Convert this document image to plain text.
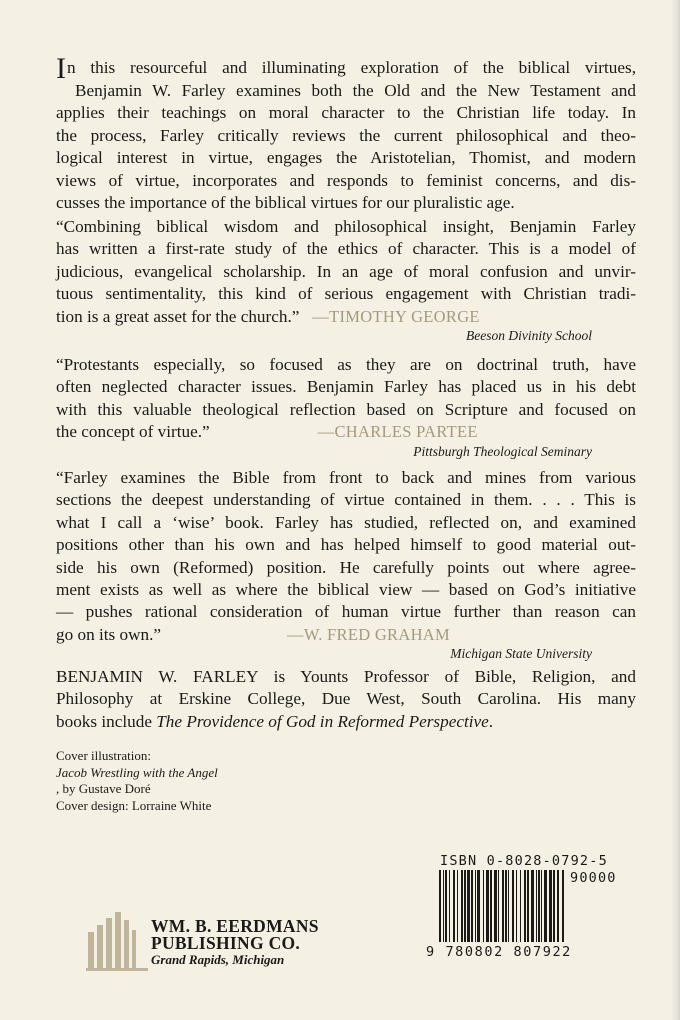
In this resourceful and illuminating exploration of the biblical virtues,
Benjamin W. Farley examines both the Old and the New Testament and
applies their teachings on moral character to the Christian life today. In
the process, Farley critically reviews the current philosophical and theo-
logical interest in virtue, engages the Aristotelian, Thomist, and modern
views of virtue, incorporates and responds to feminist concerns, and dis-
cusses the importance of the biblical virtues for our pluralistic age.
“Combining biblical wisdom and philosophical insight, Benjamin Farley
has written a first-rate study of the ethics of character. This is a model of
judicious, evangelical scholarship. In an age of moral confusion and unvir-
tuous sentimentality, this kind of serious engagement with Christian tradi-
tion is a great asset for the church.” —TIMOTHY GEORGE
Beeson Divinity School
“Protestants especially, so focused as they are on doctrinal truth, have
often neglected character issues. Benjamin Farley has placed us in his debt
with this valuable theological reflection based on Scripture and focused on
the concept of virtue.”	—CHARLES PARTEE
Pittsburgh Theological Seminary
“Farley examines the Bible from front to back and mines from various
sections the deepest understanding of virtue contained in them. . . . This is
what I call a ‘wise’ book. Farley has studied, reflected on, and examined
positions other than his own and has helped himself to good material out-
side his own (Reformed) position. He carefully points out where agree-
ment exists as well as where the biblical view — based on God’s initiative
— pushes rational consideration of human virtue further than reason can
go on its own.”	—W. FRED GRAHAM
Michigan State University
BENJAMIN W. FARLEY is Younts Professor of Bible, Religion, and
Philosophy at Erskine College, Due West, South Carolina. His many
books include The Providence of God in Reformed Perspective.
Cover illustration:
Jacob Wrestling with the Angel
, by Gustave Doré
Cover design: Lorraine White
ISBN 0-8028-0792-5
90000
9 780802 807922
WM. B. EERDMANS
PUBLISHING CO.
Grand Rapids, Michigan
